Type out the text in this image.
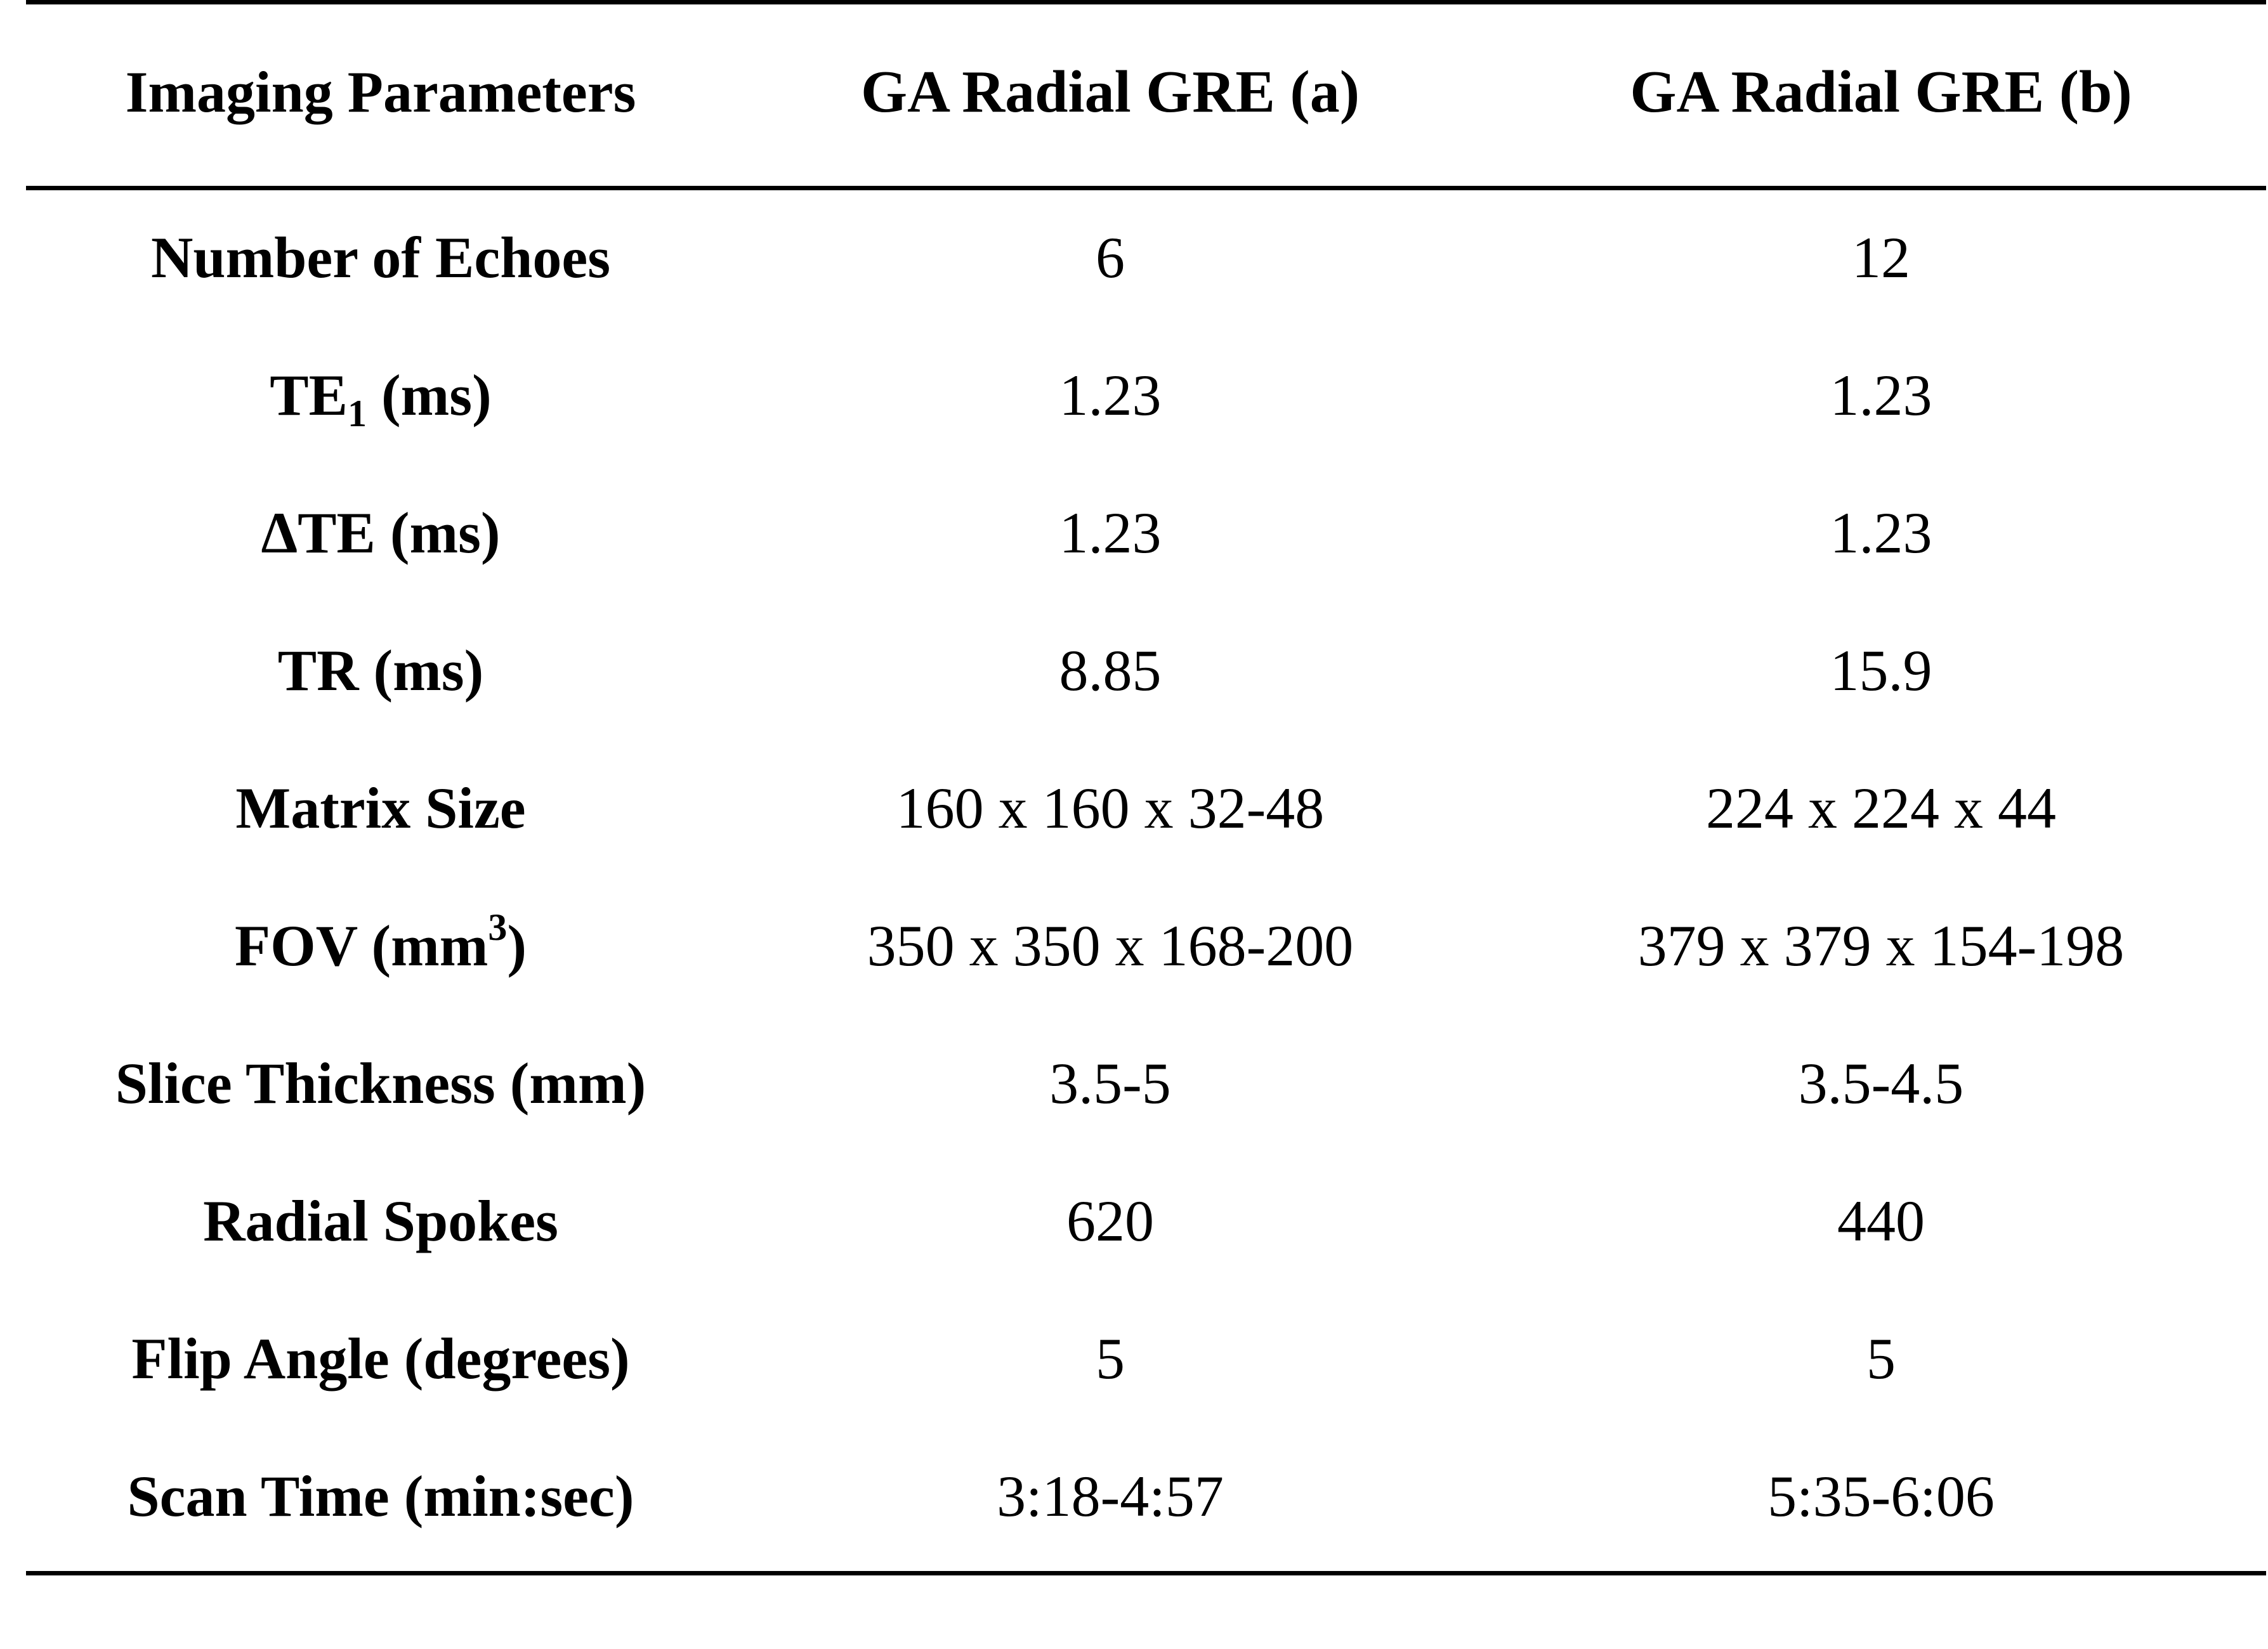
Imaging Parameters	GA Radial GRE (a)	GA Radial GRE (b)
Number of Echoes	6	12
TE1 (ms)	1.23	1.23
ΔTE (ms)	1.23	1.23
TR (ms)	8.85	15.9
Matrix Size	160 x 160 x 32-48	224 x 224 x 44
FOV $(mm^3)$	350 x 350 x 168-200	379 x 379 x 154-198
Slice Thickness (mm)	3.5-5	3.5-4.5
Radial Spokes	620	440
Flip Angle (degrees)	5	5
Scan Time (min:sec)	3:18-4:57	5:35-6:06
